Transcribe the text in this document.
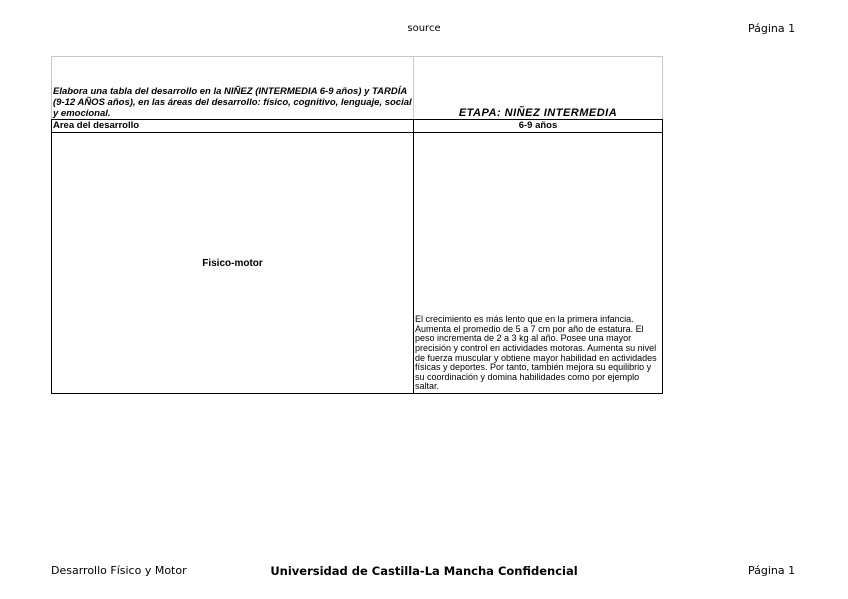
source	Página 1
Elabora una tabla del desarrollo en la NIÑEZ (INTERMEDIA 6-9 años) y TARDÍA (9-12 AÑOS años), en las áreas del desarrollo: físico, cognitivo, lenguaje, social y emocional.	ETAPA: NIÑEZ INTERMEDIA
Area del desarrollo	6-9 años
Fisico-motor	El crecimiento es más lento que en la primera infancia. Aumenta el promedio de 5 a 7 cm por año de estatura. El peso incrementa de 2 a 3 kg al año. Posee una mayor precisión y control en actividades motoras. Aumenta su nivel de fuerza muscular y obtiene mayor habilidad en actividades físicas y deportes. Por tanto, también mejora su equilibrio y su coordinación y domina habilidades como por ejemplo saltar.
Desarrollo Físico y Motor	Universidad de Castilla-La Mancha Confidencial	Página 1
